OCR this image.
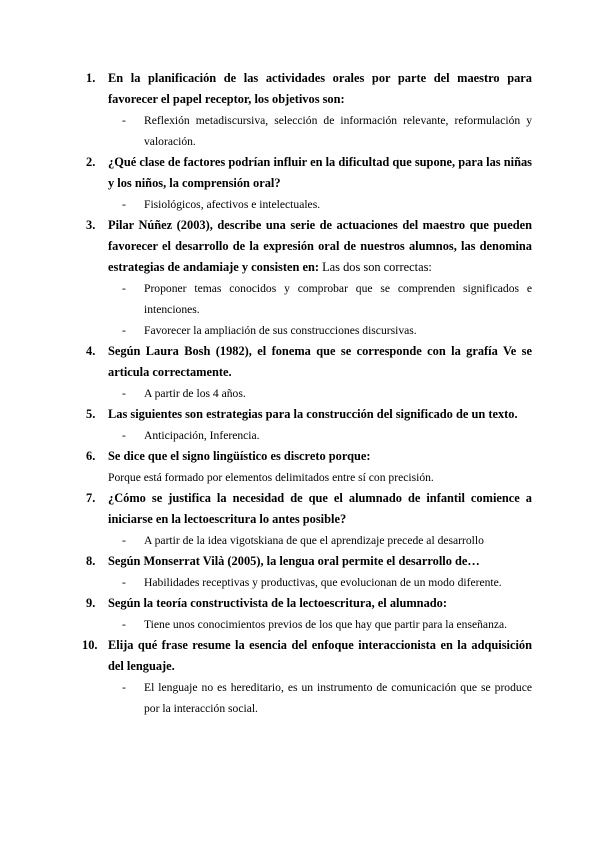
1. En la planificación de las actividades orales por parte del maestro para favorecer el papel receptor, los objetivos son:
- Reflexión metadiscursiva, selección de información relevante, reformulación y valoración.
2. ¿Qué clase de factores podrían influir en la dificultad que supone, para las niñas y los niños, la comprensión oral?
- Fisiológicos, afectivos e intelectuales.
3. Pilar Núñez (2003), describe una serie de actuaciones del maestro que pueden favorecer el desarrollo de la expresión oral de nuestros alumnos, las denomina estrategias de andamiaje y consisten en: Las dos son correctas:
- Proponer temas conocidos y comprobar que se comprenden significados e intenciones.
- Favorecer la ampliación de sus construcciones discursivas.
4. Según Laura Bosh (1982), el fonema que se corresponde con la grafía Ve se articula correctamente.
- A partir de los 4 años.
5. Las siguientes son estrategias para la construcción del significado de un texto.
- Anticipación, Inferencia.
6. Se dice que el signo lingüístico es discreto porque:
Porque está formado por elementos delimitados entre sí con precisión.
7. ¿Cómo se justifica la necesidad de que el alumnado de infantil comience a iniciarse en la lectoescritura lo antes posible?
- A partir de la idea vigotskiana de que el aprendizaje precede al desarrollo
8. Según Monserrat Vilà (2005), la lengua oral permite el desarrollo de…
- Habilidades receptivas y productivas, que evolucionan de un modo diferente.
9. Según la teoría constructivista de la lectoescritura, el alumnado:
- Tiene unos conocimientos previos de los que hay que partir para la enseñanza.
10. Elija qué frase resume la esencia del enfoque interaccionista en la adquisición del lenguaje.
- El lenguaje no es hereditario, es un instrumento de comunicación que se produce por la interacción social.
